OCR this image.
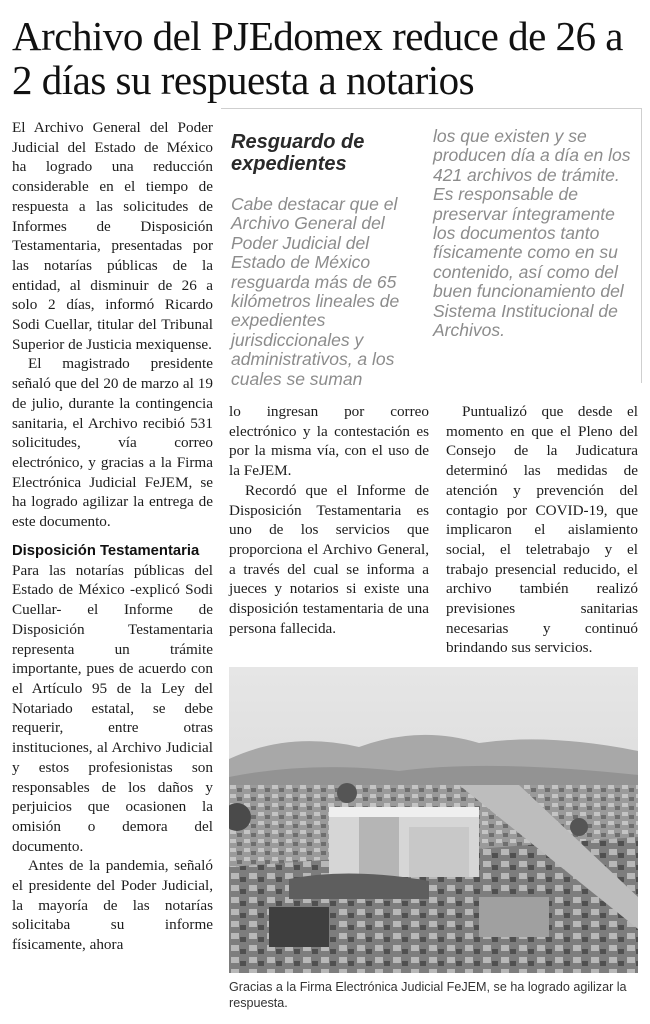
Archivo del PJEdomex reduce de 26 a 2 días su respuesta a notarios

El Archivo General del Poder Judicial del Estado de México ha logrado una reducción considerable en el tiempo de respuesta a las solicitudes de Informes de Disposición Testamentaria, presentadas por las notarías públicas de la entidad, al disminuir de 26 a solo 2 días, informó Ricardo Sodi Cuellar, titular del Tribunal Superior de Justicia mexiquense.

El magistrado presidente señaló que del 20 de marzo al 19 de julio, durante la contingencia sanitaria, el Archivo recibió 531 solicitudes, vía correo electrónico, y gracias a la Firma Electrónica Judicial FeJEM, se ha logrado agilizar la entrega de este documento.

Disposición Testamentaria

Para las notarías públicas del Estado de México -explicó Sodi Cuellar- el Informe de Disposición Testamentaria representa un trámite importante, pues de acuerdo con el Artículo 95 de la Ley del Notariado estatal, se debe requerir, entre otras instituciones, al Archivo Judicial y estos profesionistas son responsables de los daños y perjuicios que ocasionen la omisión o demora del documento.

Antes de la pandemia, señaló el presidente del Poder Judicial, la mayoría de las notarías solicitaba su informe físicamente, ahora

Resguardo de expedientes
Cabe destacar que el Archivo General del Poder Judicial del Estado de México resguarda más de 65 kilómetros lineales de expedientes jurisdiccionales y administrativos, a los cuales se suman

los que existen y se producen día a día en los 421 archivos de trámite.

Es responsable de preservar íntegramente los documentos tanto físicamente como en su contenido, así como del buen funcionamiento del Sistema Institucional de Archivos.

lo ingresan por correo electrónico y la contestación es por la misma vía, con el uso de la FeJEM.

Recordó que el Informe de Disposición Testamentaria es uno de los servicios que proporciona el Archivo General, a través del cual se informa a jueces y notarios si existe una disposición testamentaria de una persona fallecida.

Puntualizó que desde el momento en que el Pleno del Consejo de la Judicatura determinó las medidas de atención y prevención del contagio por COVID-19, que implicaron el aislamiento social, el teletrabajo y el trabajo presencial reducido, el archivo también realizó previsiones sanitarias necesarias y continuó brindando sus servicios.

Gracias a la Firma Electrónica Judicial FeJEM, se ha logrado agilizar la respuesta.
